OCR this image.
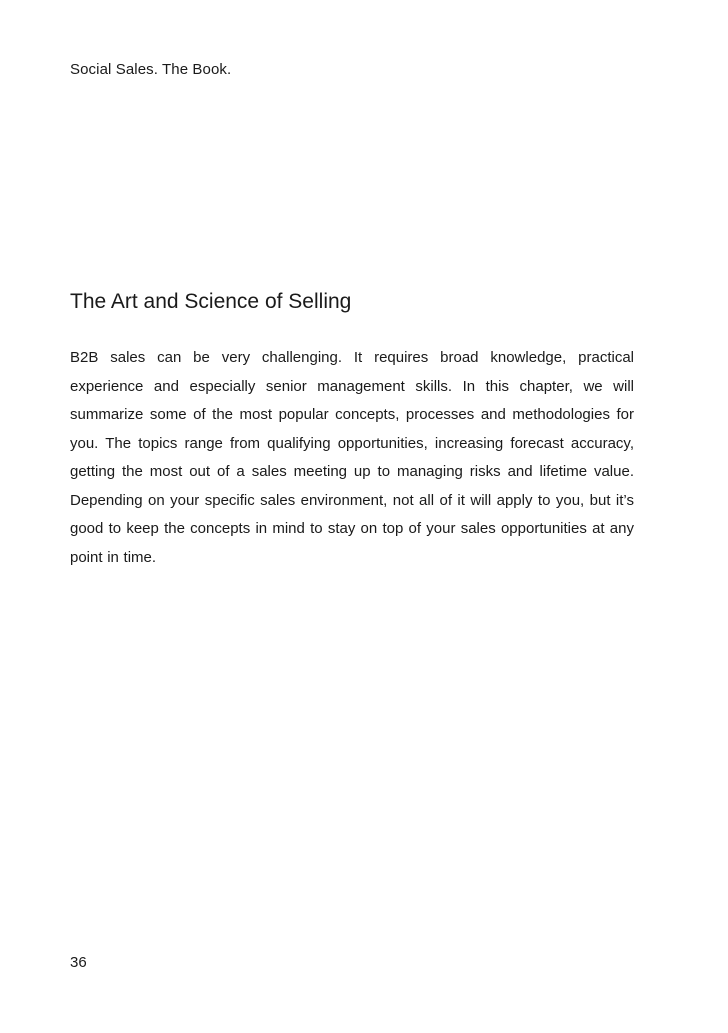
Social Sales. The Book.
The Art and Science of Selling

B2B sales can be very challenging. It requires broad knowledge, practical experience and especially senior management skills. In this chapter, we will summarize some of the most popular concepts, processes and methodologies for you. The topics range from qualifying opportunities, increasing forecast accuracy, getting the most out of a sales meeting up to managing risks and lifetime value. Depending on your specific sales environment, not all of it will apply to you, but it’s good to keep the concepts in mind to stay on top of your sales opportunities at any point in time.

36
